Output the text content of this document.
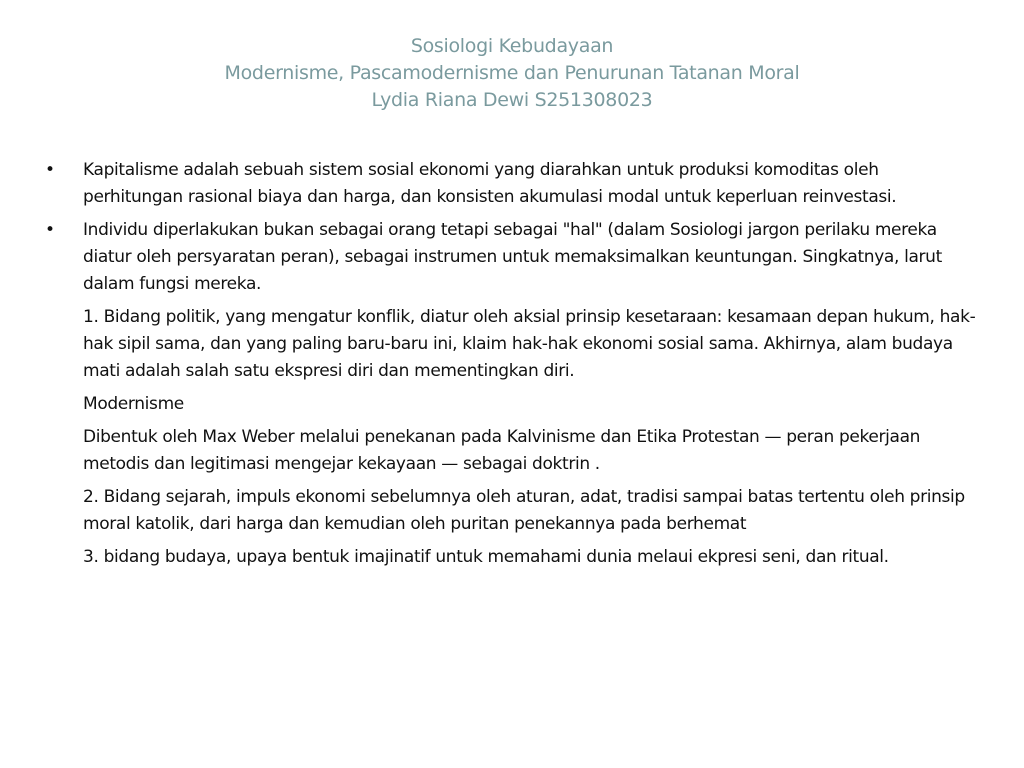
Sosiologi Kebudayaan
Modernisme, Pascamodernisme dan Penurunan Tatanan Moral
Lydia Riana Dewi S251308023
• Kapitalisme adalah sebuah sistem sosial ekonomi yang diarahkan untuk produksi komoditas oleh perhitungan rasional biaya dan harga, dan konsisten akumulasi modal untuk keperluan reinvestasi.
• Individu diperlakukan bukan sebagai orang tetapi sebagai "hal" (dalam Sosiologi jargon perilaku mereka diatur oleh persyaratan peran), sebagai instrumen untuk memaksimalkan keuntungan. Singkatnya, larut dalam fungsi mereka.
1. Bidang politik, yang mengatur konflik, diatur oleh aksial prinsip kesetaraan: kesamaan depan hukum, hak-hak sipil sama, dan yang paling baru-baru ini, klaim hak-hak ekonomi sosial sama. Akhirnya, alam budaya mati adalah salah satu ekspresi diri dan mementingkan diri.
Modernisme
Dibentuk oleh Max Weber melalui penekanan pada Kalvinisme dan Etika Protestan — peran pekerjaan metodis dan legitimasi mengejar kekayaan — sebagai doktrin .
2. Bidang sejarah, impuls ekonomi sebelumnya oleh aturan, adat, tradisi sampai batas tertentu oleh prinsip moral katolik, dari harga dan kemudian oleh puritan penekannya pada berhemat
3. bidang budaya, upaya bentuk imajinatif untuk memahami dunia melaui ekpresi seni, dan ritual.
